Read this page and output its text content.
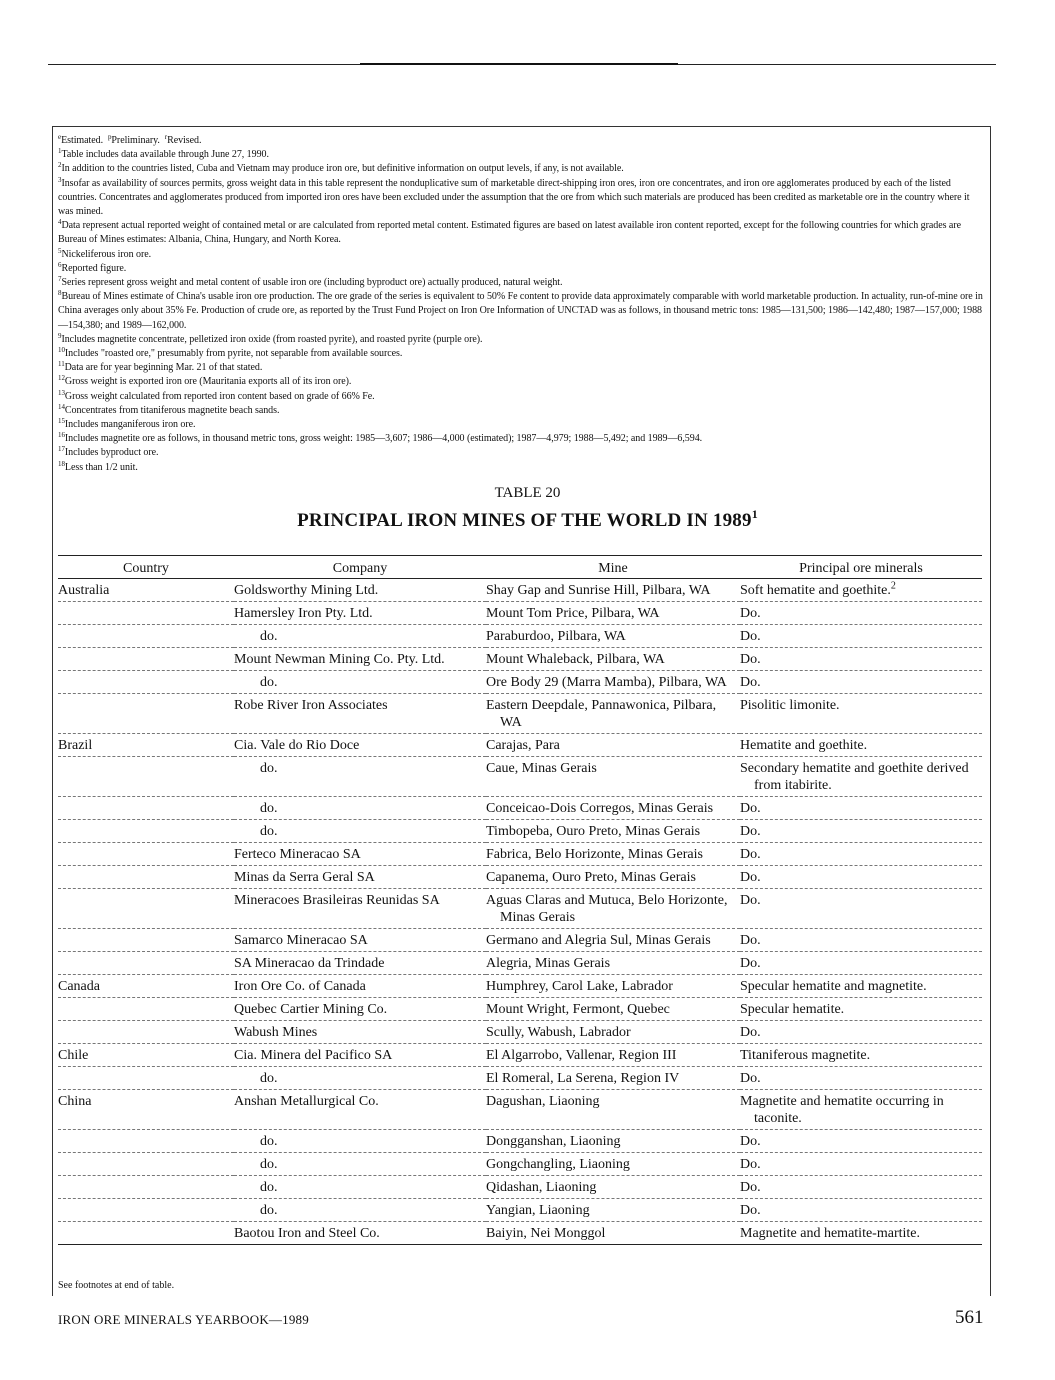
$^e$Estimated. $^p$Preliminary. $^r$Revised.
$^1$Table includes data available through June 27, 1990.
$^2$In addition to the countries listed, Cuba and Vietnam may produce iron ore, but definitive information on output levels, if any, is not available.
$^3$Insofar as availability of sources permits, gross weight data in this table represent the nonduplicative sum of marketable direct-shipping iron ores, iron ore concentrates, and iron ore agglomerates produced by each of the listed countries. Concentrates and agglomerates produced from imported iron ores have been excluded under the assumption that the ore from which such materials are produced has been credited as marketable ore in the country where it was mined.
$^4$Data represent actual reported weight of contained metal or are calculated from reported metal content. Estimated figures are based on latest available iron content reported, except for the following countries for which grades are Bureau of Mines estimates: Albania, China, Hungary, and North Korea.
$^5$Nickeliferous iron ore.
$^6$Reported figure.
$^7$Series represent gross weight and metal content of usable iron ore (including byproduct ore) actually produced, natural weight.
$^8$Bureau of Mines estimate of China's usable iron ore production. The ore grade of the series is equivalent to 50% Fe content to provide data approximately comparable with world marketable production. In actuality, run-of-mine ore in China averages only about 35% Fe. Production of crude ore, as reported by the Trust Fund Project on Iron Ore Information of UNCTAD was as follows, in thousand metric tons: 1985—131,500; 1986—142,480; 1987—157,000; 1988—154,380; and 1989—162,000.
$^9$Includes magnetite concentrate, pelletized iron oxide (from roasted pyrite), and roasted pyrite (purple ore).
$^{10}$Includes "roasted ore," presumably from pyrite, not separable from available sources.
$^{11}$Data are for year beginning Mar. 21 of that stated.
$^{12}$Gross weight is exported iron ore (Mauritania exports all of its iron ore).
$^{13}$Gross weight calculated from reported iron content based on grade of 66% Fe.
$^{14}$Concentrates from titaniferous magnetite beach sands.
$^{15}$Includes manganiferous iron ore.
$^{16}$Includes magnetite ore as follows, in thousand metric tons, gross weight: 1985—3,607; 1986—4,000 (estimated); 1987—4,979; 1988—5,492; and 1989—6,594.
$^{17}$Includes byproduct ore.
$^{18}$Less than 1/2 unit.
TABLE 20
PRINCIPAL IRON MINES OF THE WORLD IN 1989$^1$
Country	Company	Mine	Principal ore minerals

Australia	Goldsworthy Mining Ltd.	Shay Gap and Sunrise Hill, Pilbara, WA	Soft hematite and goethite.$^2$

	Hamersley Iron Pty. Ltd.	Mount Tom Price, Pilbara, WA	Do.

	do.	Paraburdoo, Pilbara, WA	Do.

	Mount Newman Mining Co. Pty. Ltd.	Mount Whaleback, Pilbara, WA	Do.

	do.	Ore Body 29 (Marra Mamba), Pilbara, WA	Do.

	Robe River Iron Associates	Eastern Deepdale, Pannawonica, Pilbara, WA	Pisolitic limonite.

Brazil	Cia. Vale do Rio Doce	Carajas, Para	Hematite and goethite.

	do.	Caue, Minas Gerais	Secondary hematite and goethite derived from itabirite.

	do.	Conceicao-Dois Corregos, Minas Gerais	Do.

	do.	Timbopeba, Ouro Preto, Minas Gerais	Do.

	Ferteco Mineracao SA	Fabrica, Belo Horizonte, Minas Gerais	Do.

	Minas da Serra Geral SA	Capanema, Ouro Preto, Minas Gerais	Do.

	Mineracoes Brasileiras Reunidas SA	Aguas Claras and Mutuca, Belo Horizonte, Minas Gerais	Do.

	Samarco Mineracao SA	Germano and Alegria Sul, Minas Gerais	Do.

	SA Mineracao da Trindade	Alegria, Minas Gerais	Do.

Canada	Iron Ore Co. of Canada	Humphrey, Carol Lake, Labrador	Specular hematite and magnetite.

	Quebec Cartier Mining Co.	Mount Wright, Fermont, Quebec	Specular hematite.

	Wabush Mines	Scully, Wabush, Labrador	Do.

Chile	Cia. Minera del Pacifico SA	El Algarrobo, Vallenar, Region III	Titaniferous magnetite.

	do.	El Romeral, La Serena, Region IV	Do.

China	Anshan Metallurgical Co.	Dagushan, Liaoning	Magnetite and hematite occurring in taconite.

	do.	Dongganshan, Liaoning	Do.

	do.	Gongchangling, Liaoning	Do.

	do.	Qidashan, Liaoning	Do.

	do.	Yangian, Liaoning	Do.

	Baotou Iron and Steel Co.	Baiyin, Nei Monggol	Magnetite and hematite-martite.
See footnotes at end of table.
IRON ORE MINERALS YEARBOOK—1989	561
